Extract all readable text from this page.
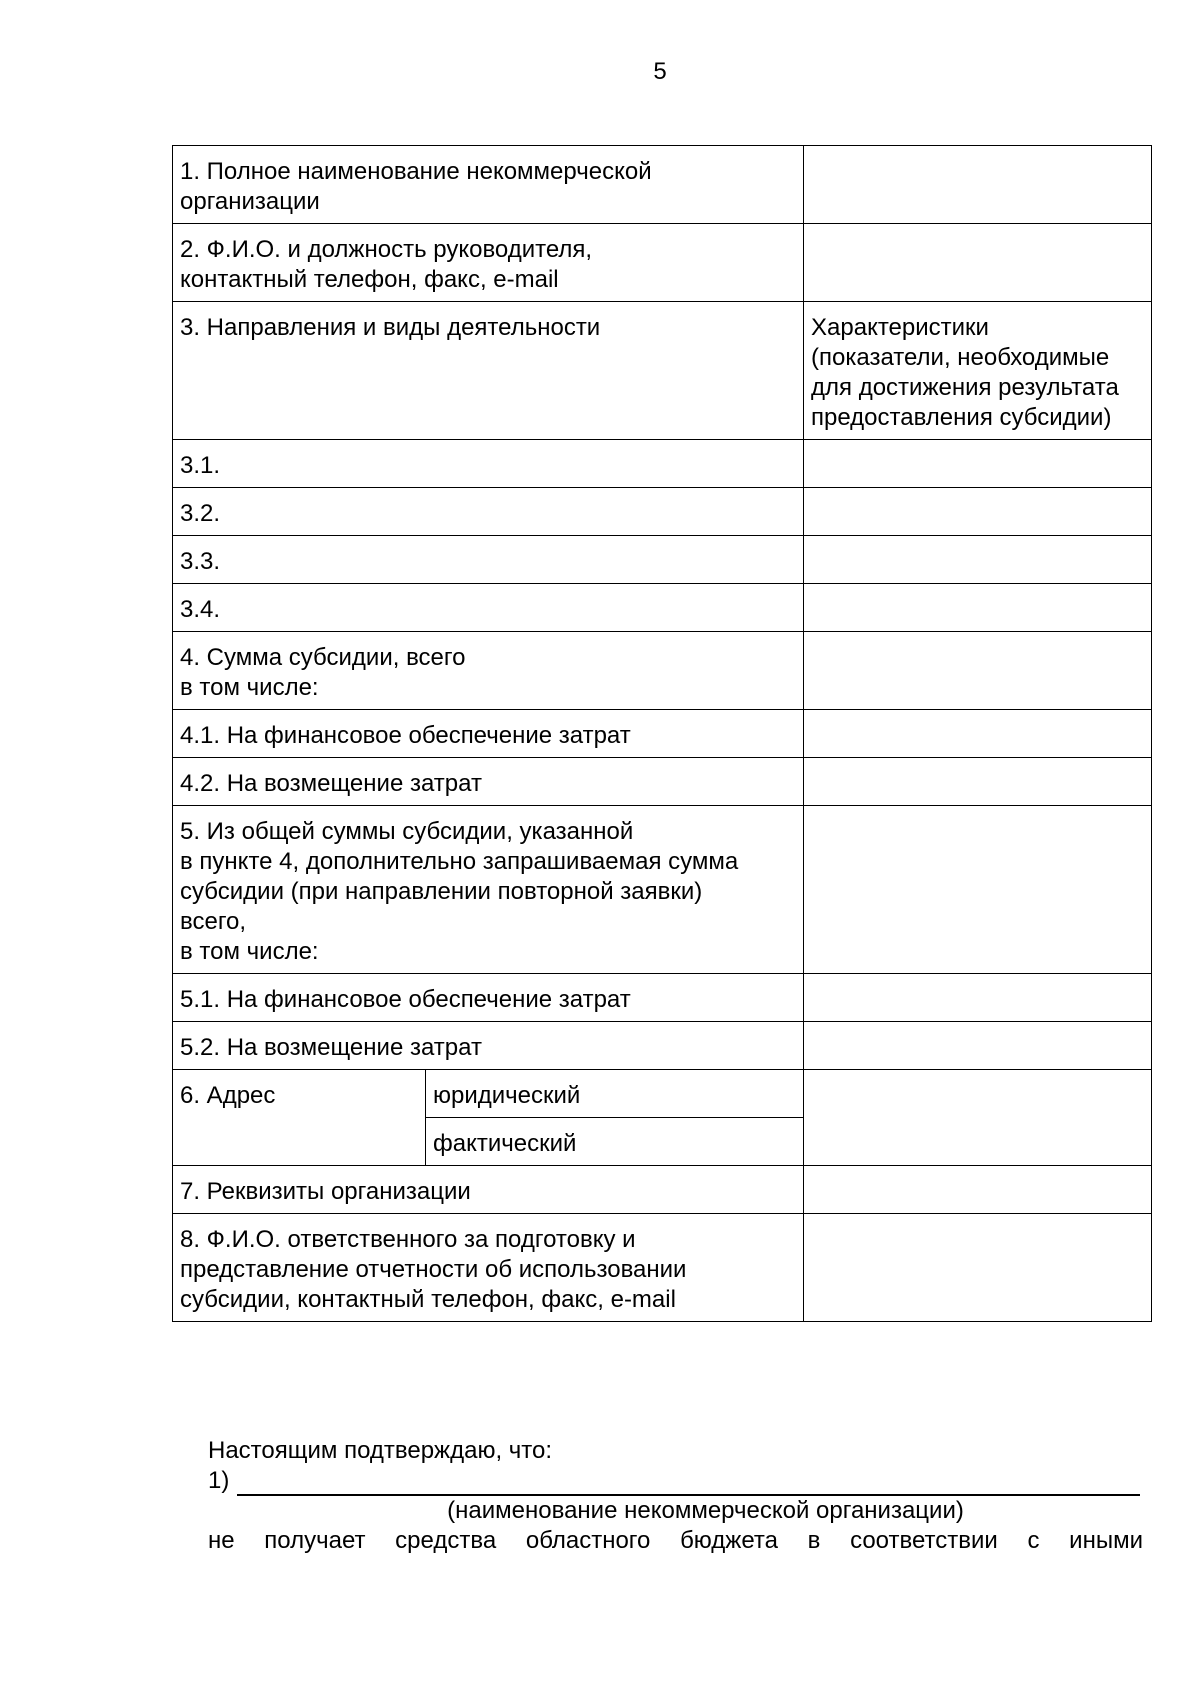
5
1. Полное наименование некоммерческой
организации		

2. Ф.И.О. и должность руководителя,
контактный телефон, факс, e-mail		

3. Направления и виды деятельности		Характеристики
(показатели, необходимые
для достижения результата
предоставления субсидии)

3.1.		
3.2.		
3.3.		
3.4.		

4. Сумма субсидии, всего
в том числе:		

4.1. На финансовое обеспечение затрат		
4.2. На возмещение затрат		

5. Из общей суммы субсидии, указанной
в пункте 4, дополнительно запрашиваемая сумма
субсидии (при направлении повторной заявки)
всего,
в том числе:		

5.1. На финансовое обеспечение затрат		
5.2. На возмещение затрат		
6. Адрес	юридический	
	фактический	
7. Реквизиты организации		

8. Ф.И.О. ответственного за подготовку и
представление отчетности об использовании
субсидии, контактный телефон, факс, e-mail		

Настоящим подтверждаю, что:
1)
(наименование некоммерческой организации)
не получает средства областного бюджета в соответствии с иными
